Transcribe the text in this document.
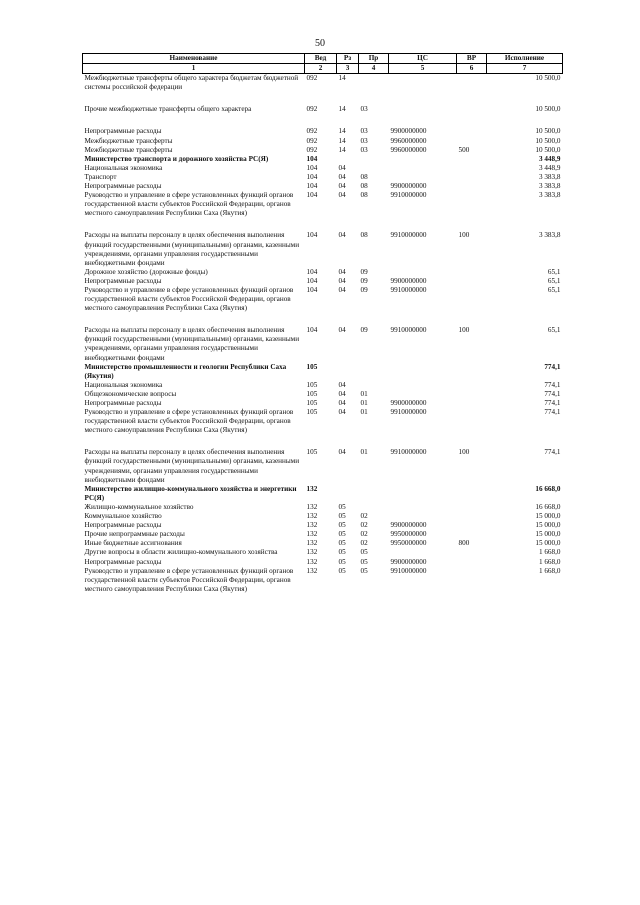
50
Наименование	Вед	Рз	Пр	ЦС	ВР	Исполнение
1	2	3	4	5	6	7
Межбюджетные трансферты общего характера бюджетам бюджетной системы российской федерации	092	14				10 500,0

Прочие межбюджетные трансферты общего характера	092	14	03			10 500,0

Непрограммные расходы	092	14	03	9900000000		10 500,0
Межбюджетные трансферты	092	14	03	9960000000		10 500,0
Межбюджетные трансферты	092	14	03	9960000000	500	10 500,0
Министерство транспорта и дорожного хозяйства РС(Я)	104					3 448,9
Национальная экономика	104	04				3 448,9
Транспорт	104	04	08			3 383,8
Непрограммные расходы	104	04	08	9900000000		3 383,8
Руководство и управление в сфере установленных функций органов государственной власти субъектов Российской Федерации, органов местного самоуправления Республики Саха (Якутия)	104	04	08	9910000000		3 383,8

Расходы на выплаты персоналу в целях обеспечения выполнения функций государственными (муниципальными) органами, казенными учреждениями, органами управления государственными внебюджетными фондами	104	04	08	9910000000	100	3 383,8
Дорожное хозяйство (дорожные фонды)	104	04	09			65,1
Непрограммные расходы	104	04	09	9900000000		65,1
Руководство и управление в сфере установленных функций органов государственной власти субъектов Российской Федерации, органов местного самоуправления Республики Саха (Якутия)	104	04	09	9910000000		65,1

Расходы на выплаты персоналу в целях обеспечения выполнения функций государственными (муниципальными) органами, казенными учреждениями, органами управления государственными внебюджетными фондами	104	04	09	9910000000	100	65,1
Министерство промышленности и геологии Республики Саха (Якутия)	105					774,1
Национальная экономика	105	04				774,1
Общеэкономические вопросы	105	04	01			774,1
Непрограммные расходы	105	04	01	9900000000		774,1
Руководство и управление в сфере установленных функций органов государственной власти субъектов Российской Федерации, органов местного самоуправления Республики Саха (Якутия)	105	04	01	9910000000		774,1

Расходы на выплаты персоналу в целях обеспечения выполнения функций государственными (муниципальными) органами, казенными учреждениями, органами управления государственными внебюджетными фондами	105	04	01	9910000000	100	774,1
Министерство жилищно-коммунального хозяйства и энергетики РС(Я)	132					16 668,0
Жилищно-коммунальное хозяйство	132	05				16 668,0
Коммунальное хозяйство	132	05	02			15 000,0
Непрограммные расходы	132	05	02	9900000000		15 000,0
Прочие непрограммные расходы	132	05	02	9950000000		15 000,0
Иные бюджетные ассигнования	132	05	02	9950000000	800	15 000,0
Другие вопросы в области жилищно-коммунального хозяйства	132	05	05			1 668,0
Непрограммные расходы	132	05	05	9900000000		1 668,0
Руководство и управление в сфере установленных функций органов государственной власти субъектов Российской Федерации, органов местного самоуправления Республики Саха (Якутия)	132	05	05	9910000000		1 668,0
